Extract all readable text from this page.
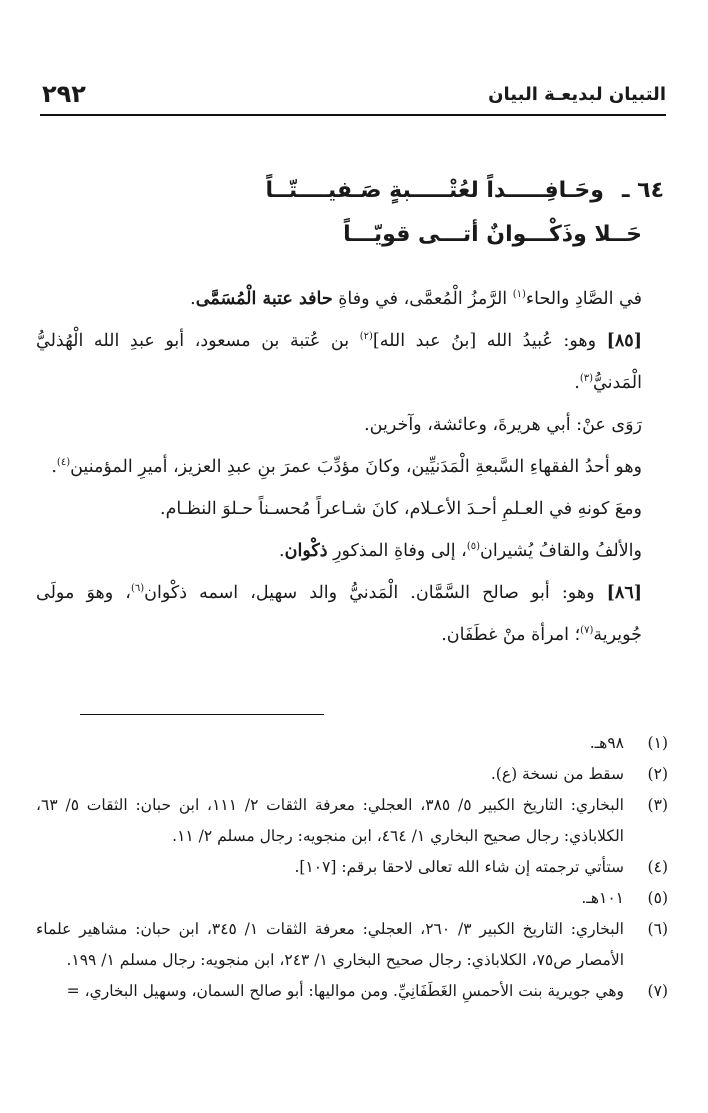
التبيان لبديعـة البيان
٢٩٢
٦٤ ـوحَـافِـــــداً لعُتْـــــبةٍ صَـفيــــتّــاً
حَــلا وذَكْـــوانٌ أتـــى قويّـــاً

في الصَّادِ والحاء$^{(١)}$ الرَّمزُ الْمُعمَّى، في وفاةِ حافد عتبة الْمُسَمَّى.

[٨٥] وهو: عُبيدُ الله [بنُ عبد الله]$^{(٢)}$ بن عُتبة بن مسعود، أبو عبدِ الله الْهُذليُّ الْمَدنيُّ$^{(٣)}$.

رَوَى عنْ: أبي هريرةَ، وعائشة، وآخرين.

وهو أحدُ الفقهاءِ السَّبعةِ الْمَدَنيِّين، وكانَ مؤدِّبَ عمرَ بنِ عبدِ العزيز، أميرِ المؤمنين$^{(٤)}$.

ومعَ كونهِ في العـلمِ أحـدَ الأعـلام، كانَ شـاعراً مُحسـناً حـلوَ النظـام.
والألفُ والقافُ يُشيران$^{(٥)}$، إلى وفاةِ المذكورِ ذكْوان.

[٨٦] وهو: أبو صالح السَّمَّان. الْمَدنيُّ والد سهيل، اسمه ذكْوان$^{(٦)}$، وهوَ مولَى جُويرية$^{(٧)}$؛ امرأة منْ غطَفَان.

(١)
٩٨هـ.
(٢)
سقط من نسخة (ع).
(٣)
البخاري: التاريخ الكبير ٥/ ٣٨٥، العجلي: معرفة الثقات ٢/ ١١١، ابن حبان: الثقات ٥/ ٦٣، الكلاباذي: رجال صحيح البخاري ١/ ٤٦٤، ابن منجويه: رجال مسلم ٢/ ١١.
(٤)
ستأتي ترجمته إن شاء الله تعالى لاحقا برقم: [١٠٧].
(٥)
١٠١هـ.
(٦)
البخاري: التاريخ الكبير ٣/ ٢٦٠، العجلي: معرفة الثقات ١/ ٣٤٥، ابن حبان: مشاهير علماء الأمصار ص٧٥، الكلاباذي: رجال صحيح البخاري ١/ ٢٤٣، ابن منجويه: رجال مسلم ١/ ١٩٩.
(٧)
وهي جويرية بنت الأحمسِ الغَطَفَانِيِّ. ومن مواليها: أبو صالح السمان، وسهيل البخاري، =
